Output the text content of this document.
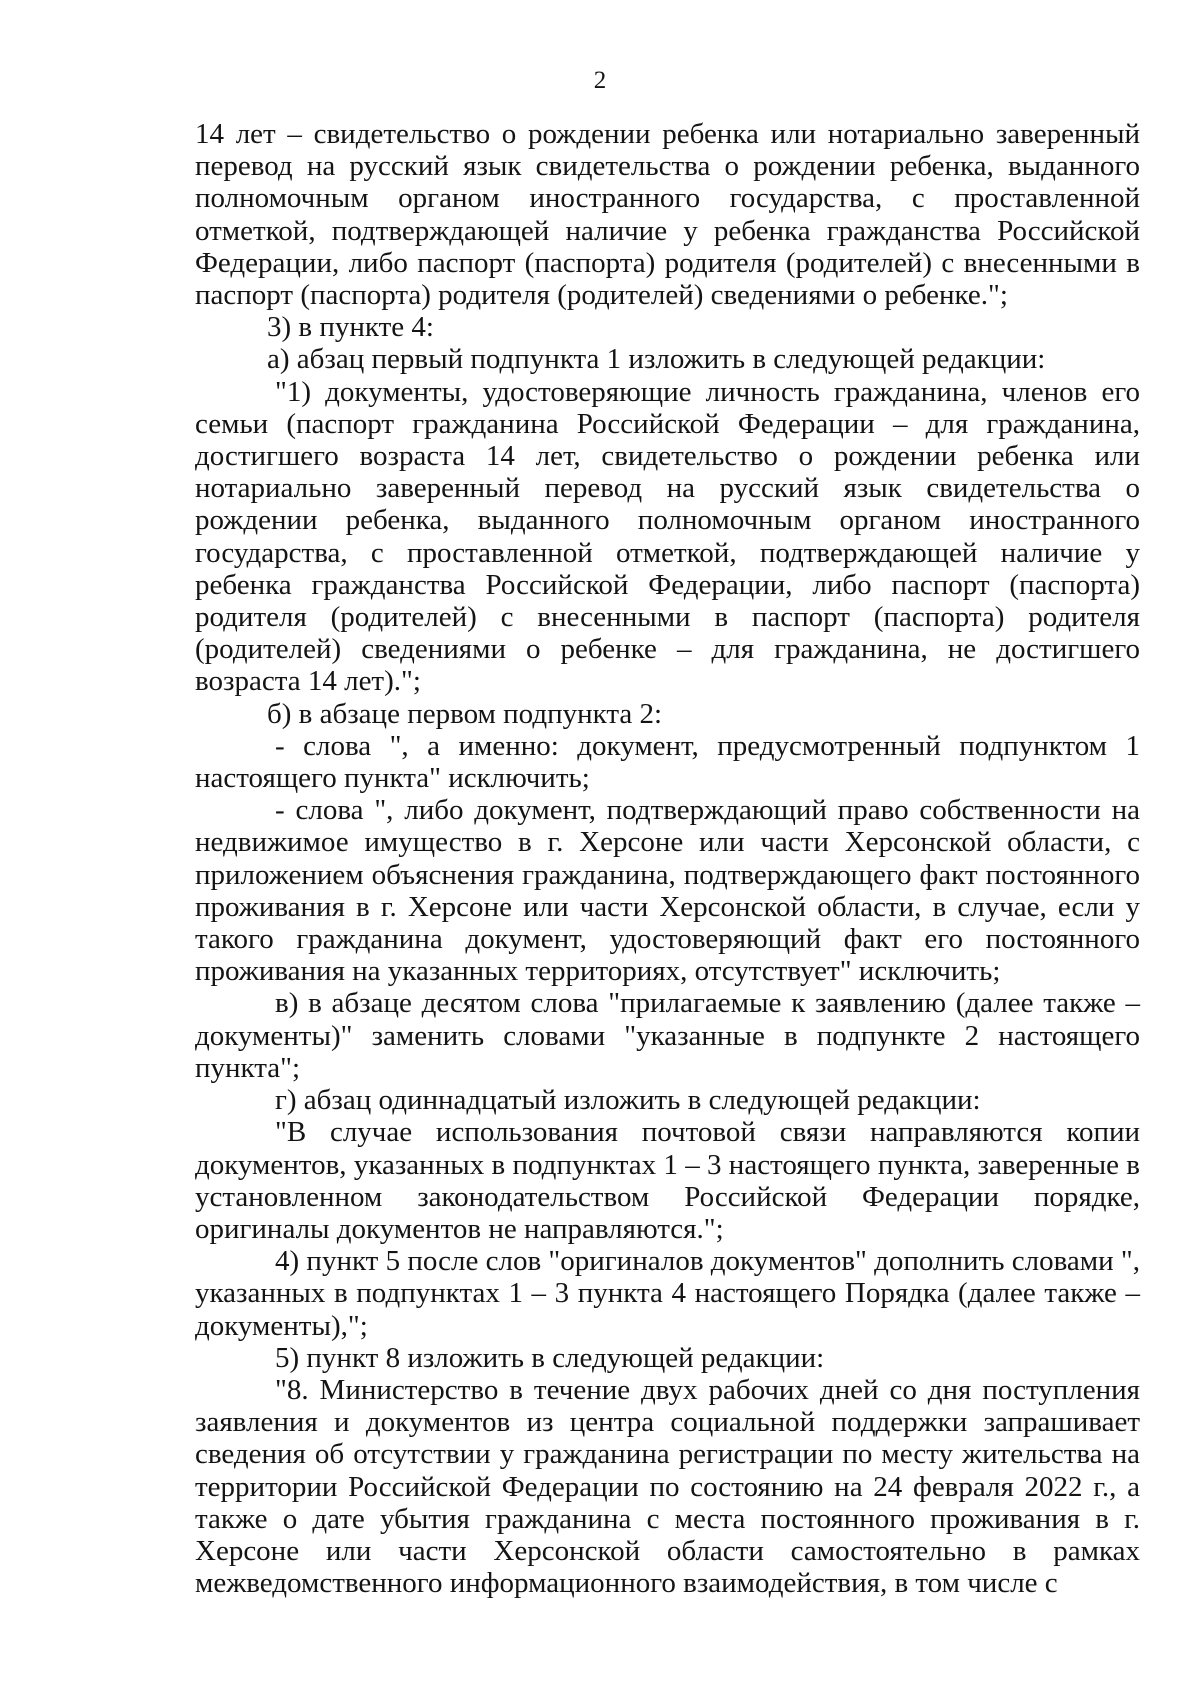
2

14 лет – свидетельство о рождении ребенка или нотариально заверенный перевод на русский язык свидетельства о рождении ребенка, выданного полномочным органом иностранного государства, с проставленной отметкой, подтверждающей наличие у ребенка гражданства Российской Федерации, либо паспорт (паспорта) родителя (родителей) с внесенными в паспорт (паспорта) родителя (родителей) сведениями о ребенке.";

3) в пункте 4:

а) абзац первый подпункта 1 изложить в следующей редакции:

"1) документы, удостоверяющие личность гражданина, членов его семьи (паспорт гражданина Российской Федерации – для гражданина, достигшего возраста 14 лет, свидетельство о рождении ребенка или нотариально заверенный перевод на русский язык свидетельства о рождении ребенка, выданного полномочным органом иностранного государства, с проставленной отметкой, подтверждающей наличие у ребенка гражданства Российской Федерации, либо паспорт (паспорта) родителя (родителей) с внесенными в паспорт (паспорта) родителя (родителей) сведениями о ребенке – для гражданина, не достигшего возраста 14 лет).";

б) в абзаце первом подпункта 2:

- слова ", а именно: документ, предусмотренный подпунктом 1 настоящего пункта" исключить;

- слова ", либо документ, подтверждающий право собственности на недвижимое имущество в г. Херсоне или части Херсонской области, с приложением объяснения гражданина, подтверждающего факт постоянного проживания в г. Херсоне или части Херсонской области, в случае, если у такого гражданина документ, удостоверяющий факт его постоянного проживания на указанных территориях, отсутствует" исключить;

в) в абзаце десятом слова "прилагаемые к заявлению (далее также – документы)" заменить словами "указанные в подпункте 2 настоящего пункта";

г) абзац одиннадцатый изложить в следующей редакции:

"В случае использования почтовой связи направляются копии документов, указанных в подпунктах 1 – 3 настоящего пункта, заверенные в установленном законодательством Российской Федерации порядке, оригиналы документов не направляются.";

4) пункт 5 после слов "оригиналов документов" дополнить словами ", указанных в подпунктах 1 – 3 пункта 4 настоящего Порядка (далее также – документы),";

5) пункт 8 изложить в следующей редакции:

"8. Министерство в течение двух рабочих дней со дня поступления заявления и документов из центра социальной поддержки запрашивает сведения об отсутствии у гражданина регистрации по месту жительства на территории Российской Федерации по состоянию на 24 февраля 2022 г., а также о дате убытия гражданина с места постоянного проживания в г. Херсоне или части Херсонской области самостоятельно в рамках межведомственного информационного взаимодействия, в том числе с
